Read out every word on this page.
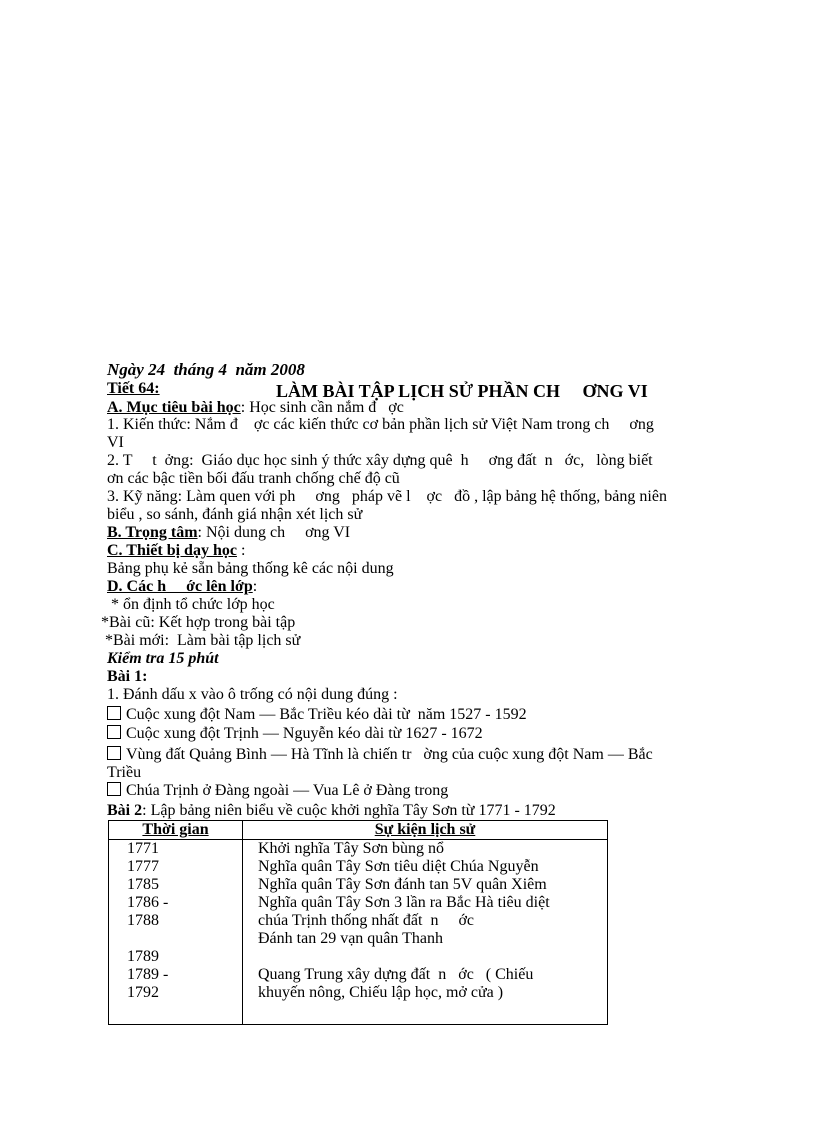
Ngày 24  tháng 4  năm 2008
Tiết 64:	LÀM BÀI TẬP LỊCH SỬ PHẦN CH     ƠNG VI
A. Mục tiêu bài học: Học sinh cần nắm đ   ợc
1. Kiến thức: Nắm đ    ợc các kiến thức cơ bản phần lịch sử Việt Nam trong ch     ơng
VI
2. T     t  ởng:  Giáo dục học sinh ý thức xây dựng quê  h     ơng đất  n   ớc,   lòng biết
ơn các bậc tiền bối đấu tranh chống chế độ cũ
3. Kỹ năng: Làm quen với ph     ơng   pháp vẽ l    ợc   đồ , lập bảng hệ thống, bảng niên
biểu , so sánh, đánh giá nhận xét lịch sử
B. Trọng tâm: Nội dung ch     ơng VI
C. Thiết bị dạy học :
Bảng phụ kẻ sẵn bảng thống kê các nội dung
D. Các h     ớc lên lớp:
* ổn định tổ chức lớp học
*Bài cũ: Kết hợp trong bài tập
*Bài mới:  Làm bài tập lịch sử
Kiểm tra 15 phút
Bài 1:
1. Đánh dấu x vào ô trống có nội dung đúng :
Cuộc xung đột Nam — Bắc Triều kéo dài từ  năm 1527 - 1592
Cuộc xung đột Trịnh — Nguyễn kéo dài từ 1627 - 1672
Vùng đất Quảng Bình — Hà Tĩnh là chiến tr   ờng của cuộc xung đột Nam — Bắc
Triều
Chúa Trịnh ở Đàng ngoài — Vua Lê ở Đàng trong
Bài 2: Lập bảng niên biểu về cuộc khởi nghĩa Tây Sơn từ 1771 - 1792
Thời gian	Sự kiện lịch sử
1771	Khởi nghĩa Tây Sơn bùng nổ
1777	Nghĩa quân Tây Sơn tiêu diệt Chúa Nguyễn
1785	Nghĩa quân Tây Sơn đánh tan 5V quân Xiêm
1786 -	Nghĩa quân Tây Sơn 3 lần ra Bắc Hà tiêu diệt
1788	chúa Trịnh thống nhất đất  n     ớc
	Đánh tan 29 vạn quân Thanh
1789	
1789 -	Quang Trung xây dựng đất  n   ớc   ( Chiếu
1792	khuyến nông, Chiếu lập học, mở cửa )
